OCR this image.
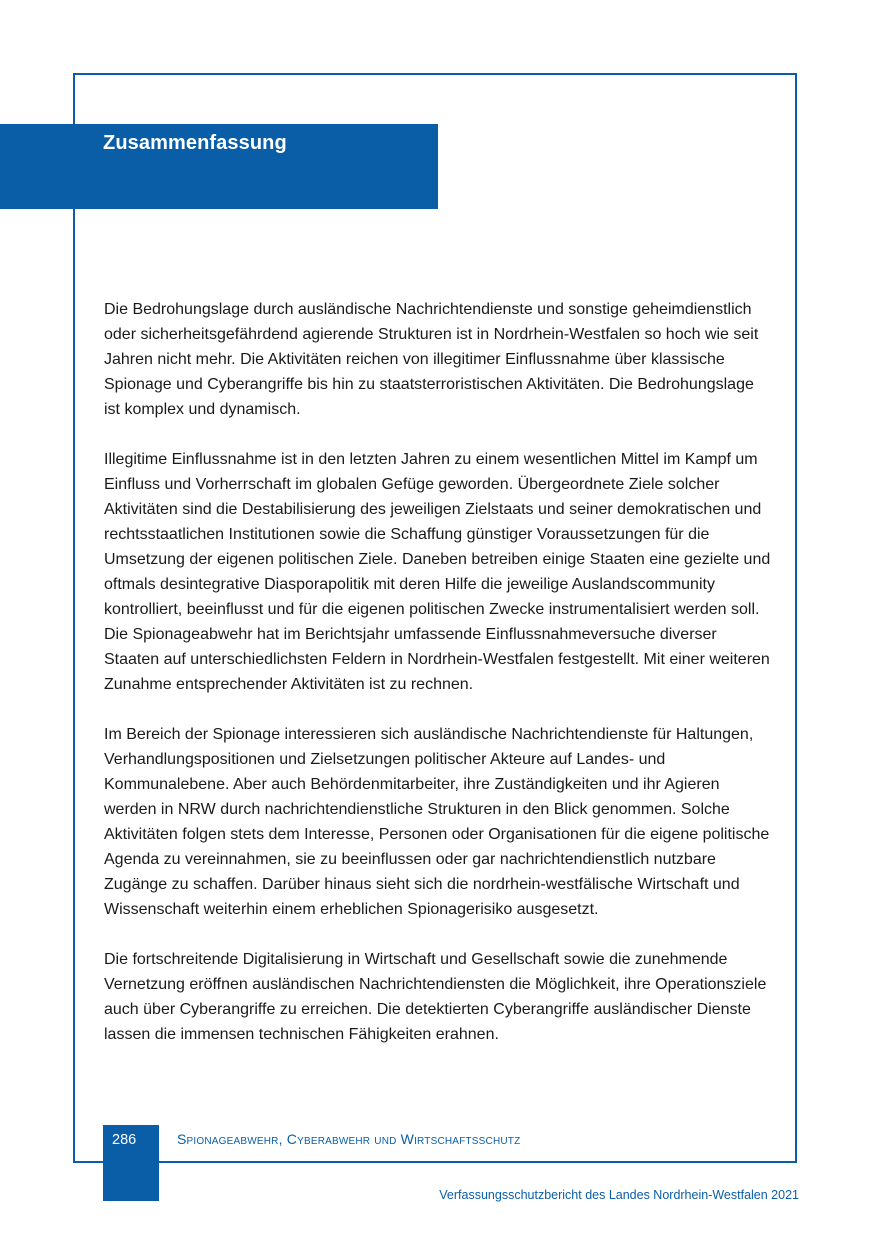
Zusammenfassung

Die Bedrohungslage durch ausländische Nachrichtendienste und sonstige geheimdienstlich oder sicherheitsgefährdend agierende Strukturen ist in Nordrhein-Westfalen so hoch wie seit Jahren nicht mehr. Die Aktivitäten reichen von illegitimer Einflussnahme über klassische Spionage und Cyberangriffe bis hin zu staatsterroristischen Aktivitäten. Die Bedrohungslage ist komplex und dynamisch.

Illegitime Einflussnahme ist in den letzten Jahren zu einem wesentlichen Mittel im Kampf um Einfluss und Vorherrschaft im globalen Gefüge geworden. Übergeordnete Ziele solcher Aktivitäten sind die Destabilisierung des jeweiligen Zielstaats und seiner demokratischen und rechtsstaatlichen Institutionen sowie die Schaffung günstiger Voraussetzungen für die Umsetzung der eigenen politischen Ziele. Daneben betreiben einige Staaten eine gezielte und oftmals desintegrative Diasporapolitik mit deren Hilfe die jeweilige Auslandscommunity kontrolliert, beeinflusst und für die eigenen politischen Zwecke instrumentalisiert werden soll. Die Spionageabwehr hat im Berichtsjahr umfassende Einflussnahmeversuche diverser Staaten auf unterschiedlichsten Feldern in Nordrhein-Westfalen festgestellt. Mit einer weiteren Zunahme entsprechender Aktivitäten ist zu rechnen.

Im Bereich der Spionage interessieren sich ausländische Nachrichtendienste für Haltungen, Verhandlungspositionen und Zielsetzungen politischer Akteure auf Landes- und Kommunalebene. Aber auch Behördenmitarbeiter, ihre Zuständigkeiten und ihr Agieren werden in NRW durch nachrichtendienstliche Strukturen in den Blick genommen. Solche Aktivitäten folgen stets dem Interesse, Personen oder Organisationen für die eigene politische Agenda zu vereinnahmen, sie zu beeinflussen oder gar nachrichtendienstlich nutzbare Zugänge zu schaffen. Darüber hinaus sieht sich die nordrhein-westfälische Wirtschaft und Wissenschaft weiterhin einem erheblichen Spionagerisiko ausgesetzt.

Die fortschreitende Digitalisierung in Wirtschaft und Gesellschaft sowie die zunehmende Vernetzung eröffnen ausländischen Nachrichtendiensten die Möglichkeit, ihre Operationsziele auch über Cyberangriffe zu erreichen. Die detektierten Cyberangriffe ausländischer Dienste lassen die immensen technischen Fähigkeiten erahnen.

286	Spionageabwehr, Cyberabwehr und Wirtschaftsschutz
Verfassungsschutzbericht des Landes Nordrhein-Westfalen 2021
